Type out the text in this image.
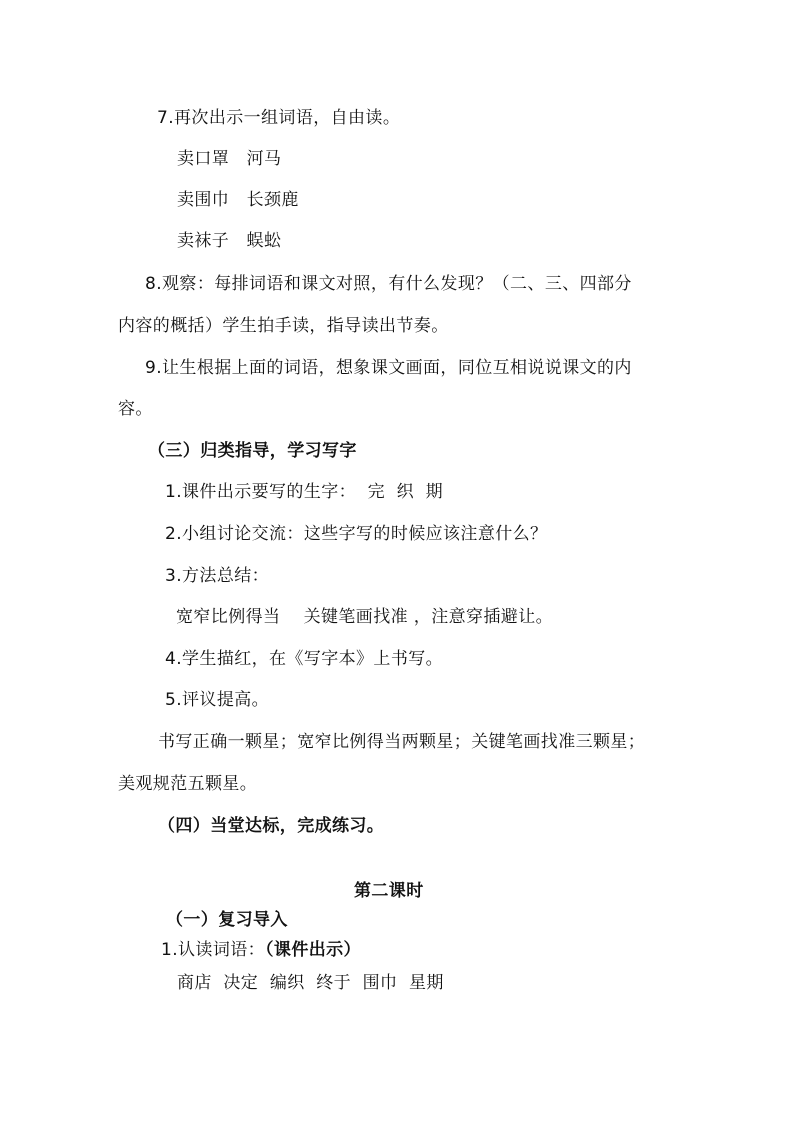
7.再次出示一组词语，自由读。
卖口罩　河马
卖围巾　长颈鹿
卖袜子　蜈蚣
8.观察：每排词语和课文对照，有什么发现？（二、三、四部分
内容的概括）学生拍手读，指导读出节奏。
9.让生根据上面的词语，想象课文画面，同位互相说说课文的内
容。
（三）归类指导，学习写字
1.课件出示要写的生字：  完  织  期
2.小组讨论交流：这些字写的时候应该注意什么？
3.方法总结：
宽窄比例得当　 关键笔画找准 ，注意穿插避让。
4.学生描红，在《写字本》上书写。
5.评议提高。
书写正确一颗星；宽窄比例得当两颗星；关键笔画找准三颗星；
美观规范五颗星。
（四）当堂达标，完成练习。
第二课时
（一）复习导入
1.认读词语：（课件出示）
商店  决定  编织  终于  围巾  星期
